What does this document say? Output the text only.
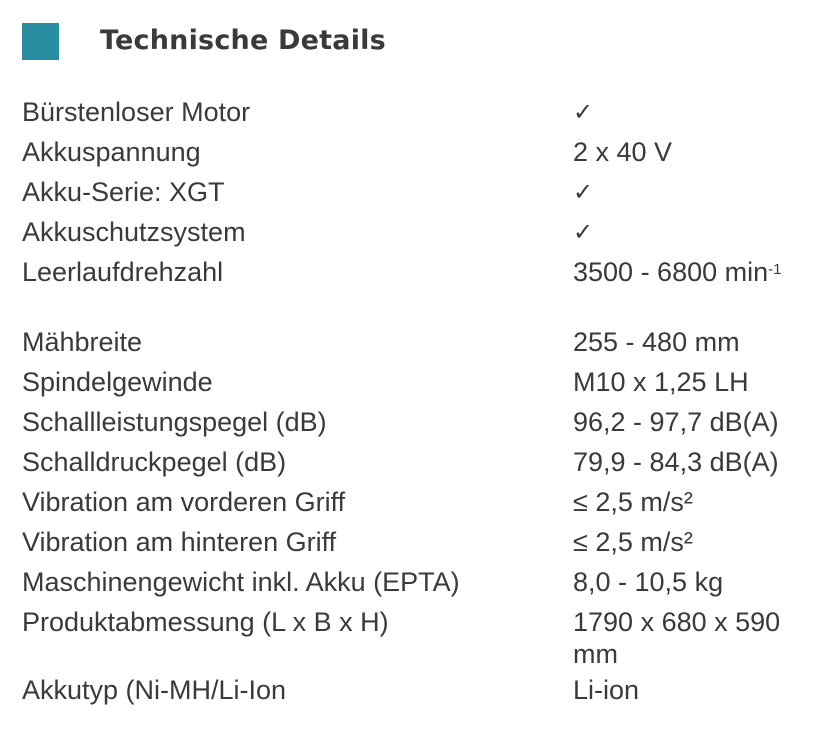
Technische Details
Bürstenloser Motor	✓
Akkuspannung	2 x 40 V
Akku-Serie: XGT	✓
Akkuschutzsystem	✓
Leerlaufdrehzahl	3500 - 6800 $\min^{-1}$
Mähbreite	255 - 480 mm
Spindelgewinde	M10 x 1,25 LH
Schallleistungspegel (dB)	96,2 - 97,7 dB(A)
Schalldruckpegel (dB)	79,9 - 84,3 dB(A)
Vibration am vorderen Griff	≤ 2,5 m/s²
Vibration am hinteren Griff	≤ 2,5 m/s²
Maschinengewicht inkl. Akku (EPTA)	8,0 - 10,5 kg
Produktabmessung (L x B x H)	1790 x 680 x 590 mm
Akkutyp (Ni-MH/Li-Ion	Li-ion
